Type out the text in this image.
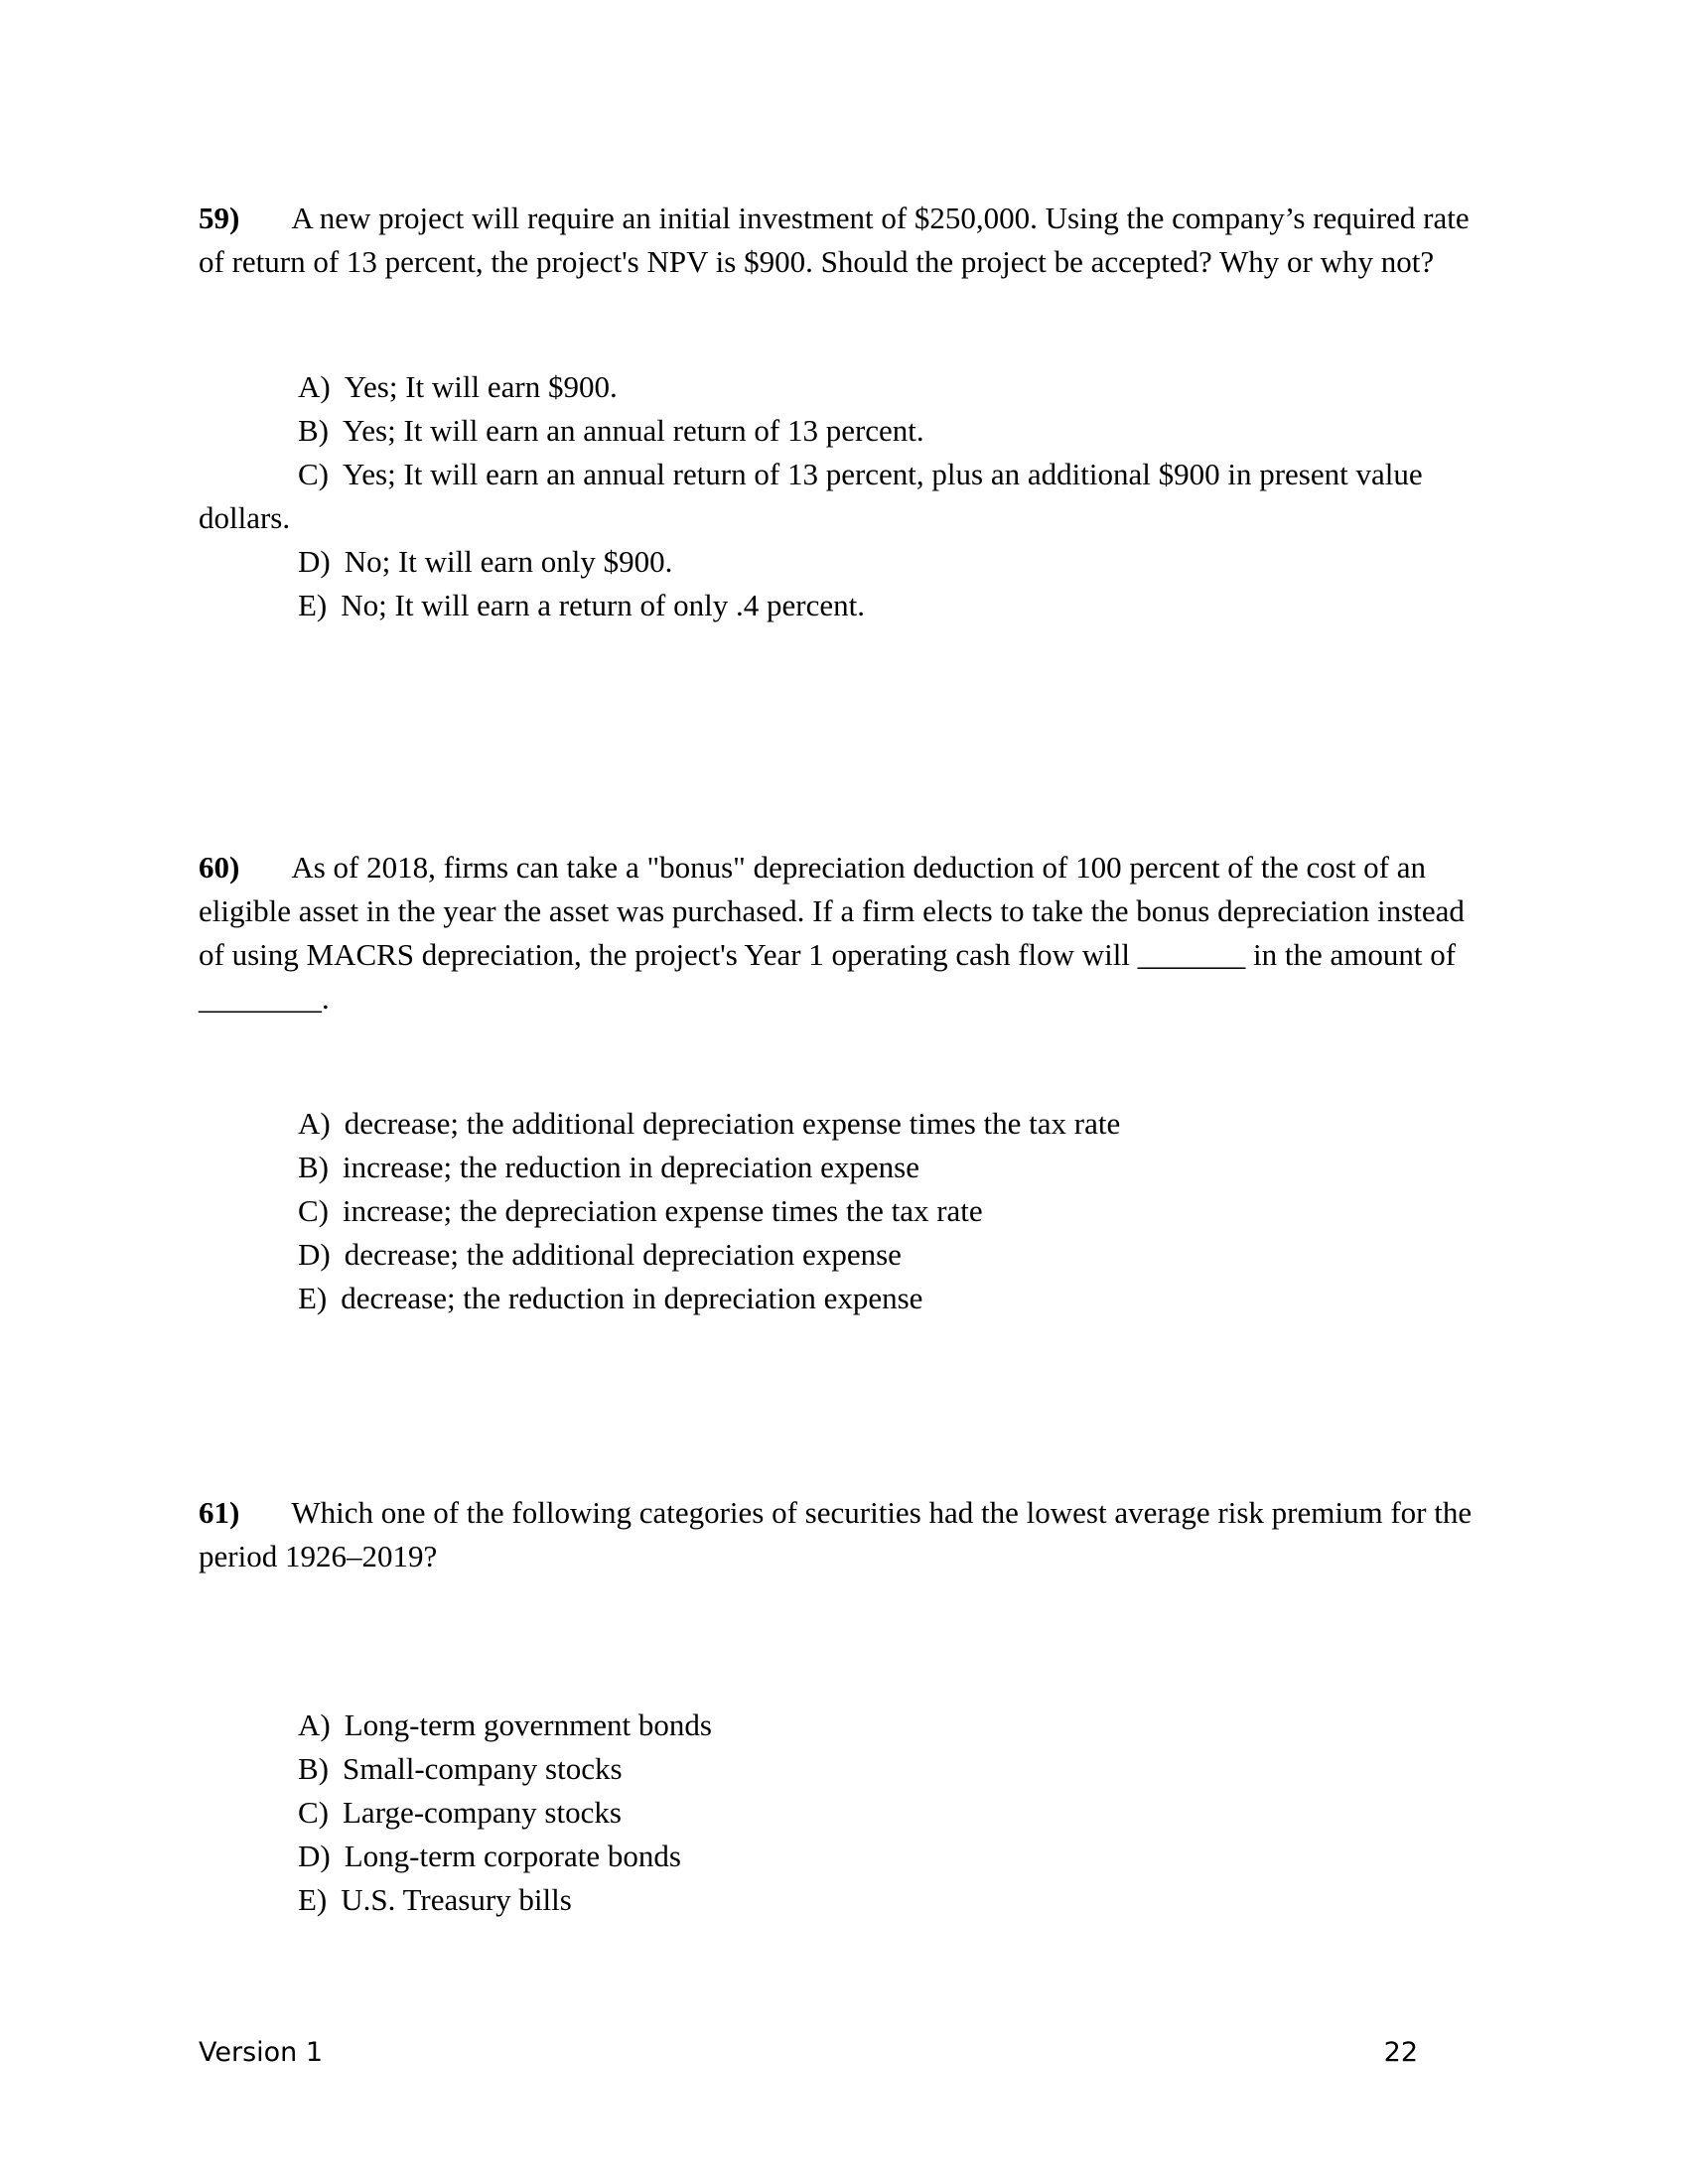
59) A new project will require an initial investment of $250,000. Using the company’s required rate of return of 13 percent, the project's NPV is $900. Should the project be accepted? Why or why not?

A) Yes; It will earn $900.
B) Yes; It will earn an annual return of 13 percent.
C) Yes; It will earn an annual return of 13 percent, plus an additional $900 in present value dollars.
D) No; It will earn only $900.
E) No; It will earn a return of only .4 percent.

60) As of 2018, firms can take a "bonus" depreciation deduction of 100 percent of the cost of an eligible asset in the year the asset was purchased. If a firm elects to take the bonus depreciation instead of using MACRS depreciation, the project's Year 1 operating cash flow will _______ in the amount of ________.

A) decrease; the additional depreciation expense times the tax rate
B) increase; the reduction in depreciation expense
C) increase; the depreciation expense times the tax rate
D) decrease; the additional depreciation expense
E) decrease; the reduction in depreciation expense

61) Which one of the following categories of securities had the lowest average risk premium for the period 1926–2019?

A) Long-term government bonds
B) Small-company stocks
C) Large-company stocks
D) Long-term corporate bonds
E) U.S. Treasury bills
Version 1	22
